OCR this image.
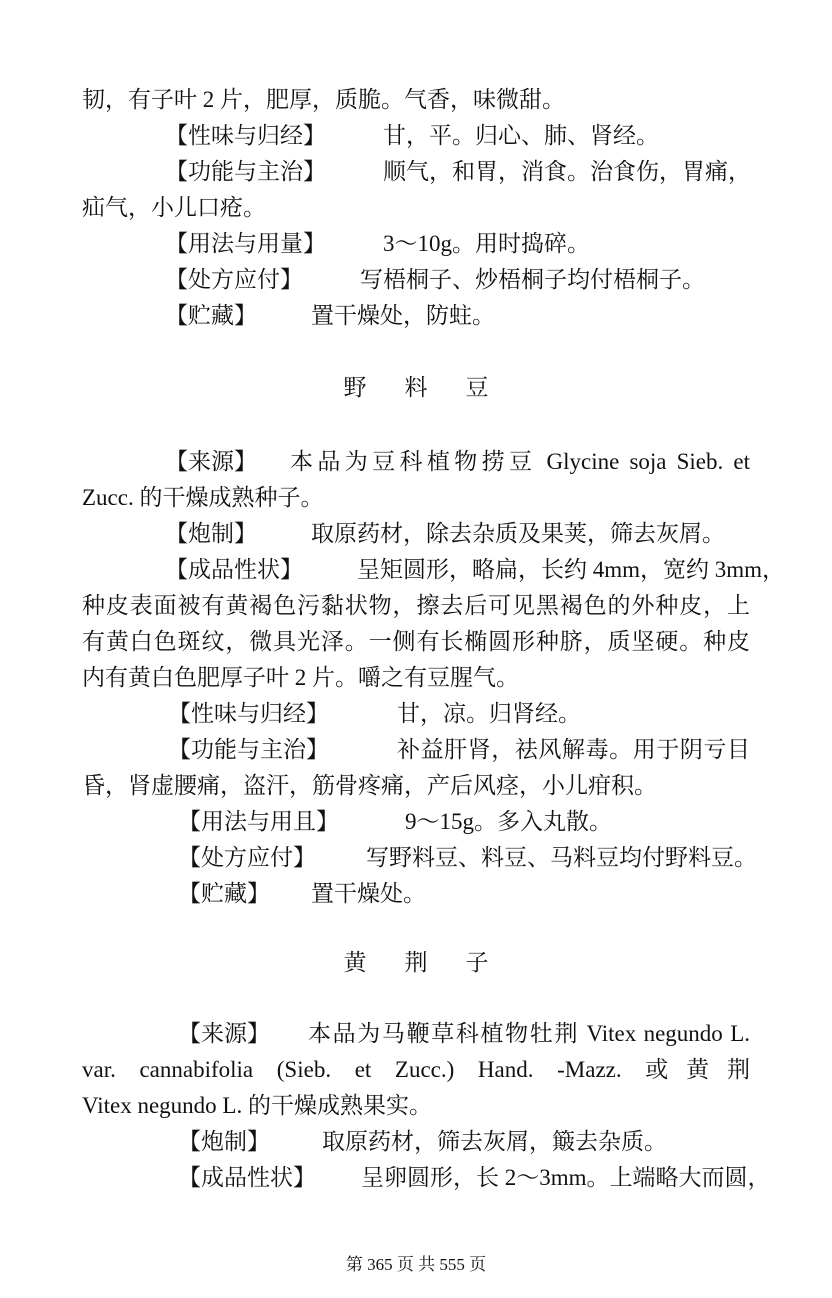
韧，有子叶 2 片，肥厚，质脆。气香，味微甜。
【性味与归经】	甘，平。归心、肺、肾经。
【功能与主治】	顺气，和胃，消食。治食伤，胃痛，
疝气，小儿口疮。
【用法与用量】	3～10g。用时捣碎。
【处方应付】	写梧桐子、炒梧桐子均付梧桐子。
【贮藏】	置干燥处，防蛀。
野　料　豆
【来源】	本品为豆科植物捞豆 Glycine soja Sieb. et
Zucc. 的干燥成熟种子。
【炮制】	取原药材，除去杂质及果荚，筛去灰屑。
【成品性状】	呈矩圆形，略扁，长约 4mm，宽约 3mm，
种皮表面被有黄褐色污黏状物，擦去后可见黑褐色的外种皮，上
有黄白色斑纹，微具光泽。一侧有长椭圆形种脐，质坚硬。种皮
内有黄白色肥厚子叶 2 片。嚼之有豆腥气。
【性味与归经】	甘，凉。归肾经。
【功能与主治】	补益肝肾，祛风解毒。用于阴亏目
昏，肾虚腰痛，盗汗，筋骨疼痛，产后风痉，小儿疳积。
【用法与用且】	9～15g。多入丸散。
【处方应付】	写野料豆、料豆、马料豆均付野料豆。
【贮藏】	置干燥处。
黄　荆　子
【来源】	本品为马鞭草科植物牡荆 Vitex negundo L.
var. cannabifolia (Sieb. et Zucc.) Hand. -Mazz. 或黄荆
Vitex negundo L. 的干燥成熟果实。
【炮制】	取原药材，筛去灰屑，簸去杂质。
【成品性状】	呈卵圆形，长 2～3mm。上端略大而圆，
第 365 页 共 555 页
